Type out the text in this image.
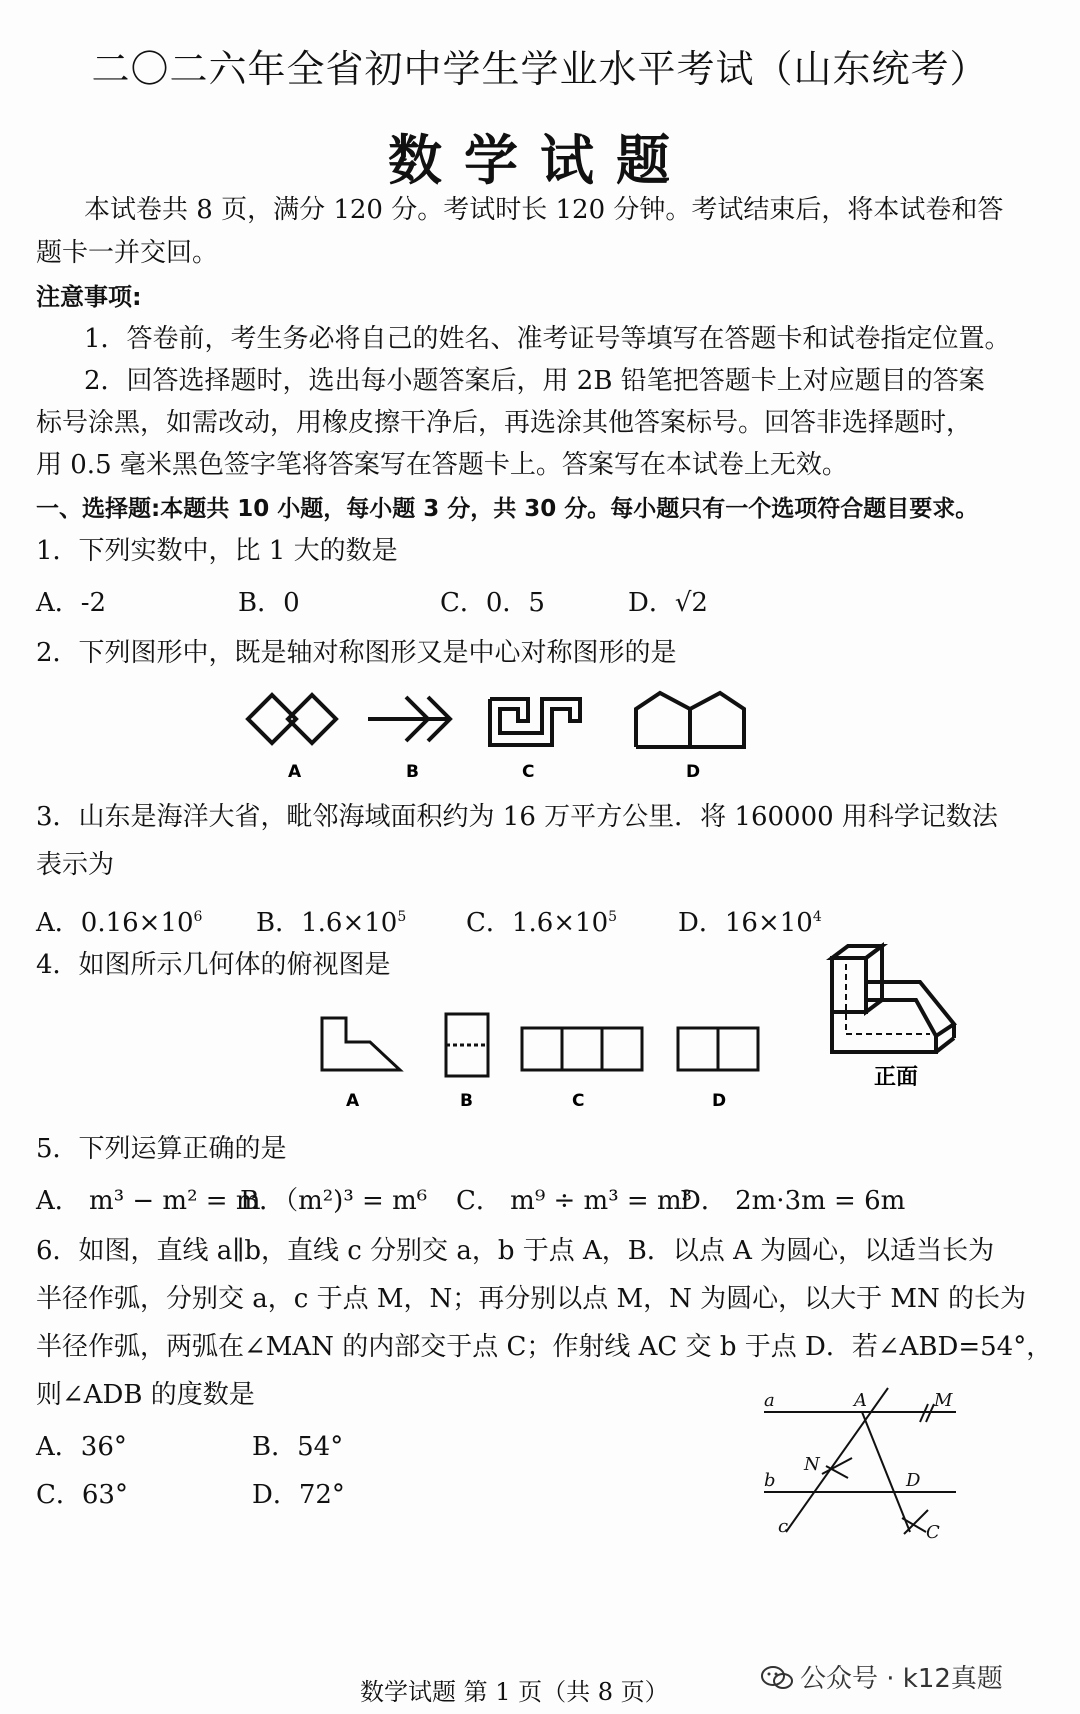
二〇二六年全省初中学生学业水平考试（山东统考）
数学试题
本试卷共 8 页，满分 120 分。考试时长 120 分钟。考试结束后，将本试卷和答
题卡一并交回。
注意事项:
1．答卷前，考生务必将自己的姓名、准考证号等填写在答题卡和试卷指定位置。
2．回答选择题时，选出每小题答案后，用 2B 铅笔把答题卡上对应题目的答案
标号涂黑，如需改动，用橡皮擦干净后，再选涂其他答案标号。回答非选择题时，
用 0.5 毫米黑色签字笔将答案写在答题卡上。答案写在本试卷上无效。
一、选择题:本题共 10 小题，每小题 3 分，共 30 分。每小题只有一个选项符合题目要求。
1．下列实数中，比 1 大的数是
A．-2	B．0	C．0．5	D．√2
2．下列图形中，既是轴对称图形又是中心对称图形的是
A	B	C	D
3．山东是海洋大省，毗邻海域面积约为 16 万平方公里．将 160000 用科学记数法
表示为
A．$0.16\times 10^6$ B．$1.6\times 10^5$ C．$1.6\times 10^5$ D．$16\times 10^4$
4．如图所示几何体的俯视图是
A	B	C	D
正面
5．下列运算正确的是
A． m³ − m² = m
B．（m²)³ = m⁶ C． m⁹ ÷ m³ = m³
D． 2m·3m = 6m
6．如图，直线 a∥b，直线 c 分别交 a，b 于点 A，B．以点 A 为圆心，以适当长为
半径作弧，分别交 a，c 于点 M，N；再分别以点 M，N 为圆心，以大于 MN 的长为
半径作弧，两弧在∠MAN 的内部交于点 C；作射线 AC 交 b 于点 D．若∠ABD=54°，
则∠ADB 的度数是
A．36°	B．54°
C．63°	D．72°
a
b
c
A	M
N
D
C
数学试题 第 1 页（共 8 页）	公众号 · k12真题
